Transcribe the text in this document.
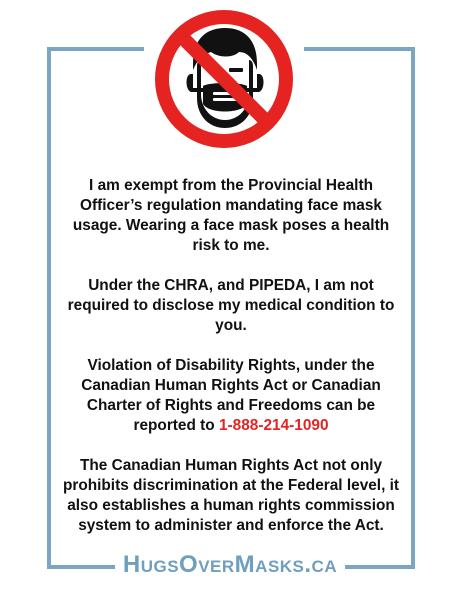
I am exempt from the Provincial Health Officer’s regulation mandating face mask usage. Wearing a face mask poses a health risk to me.

Under the CHRA, and PIPEDA, I am not required to disclose my medical condition to you.

Violation of Disability Rights, under the Canadian Human Rights Act or Canadian Charter of Rights and Freedoms can be reported to 1-888-214-1090

The Canadian Human Rights Act not only prohibits discrimination at the Federal level, it also establishes a human rights commission system to administer and enforce the Act.

HugsOverMasks.ca
